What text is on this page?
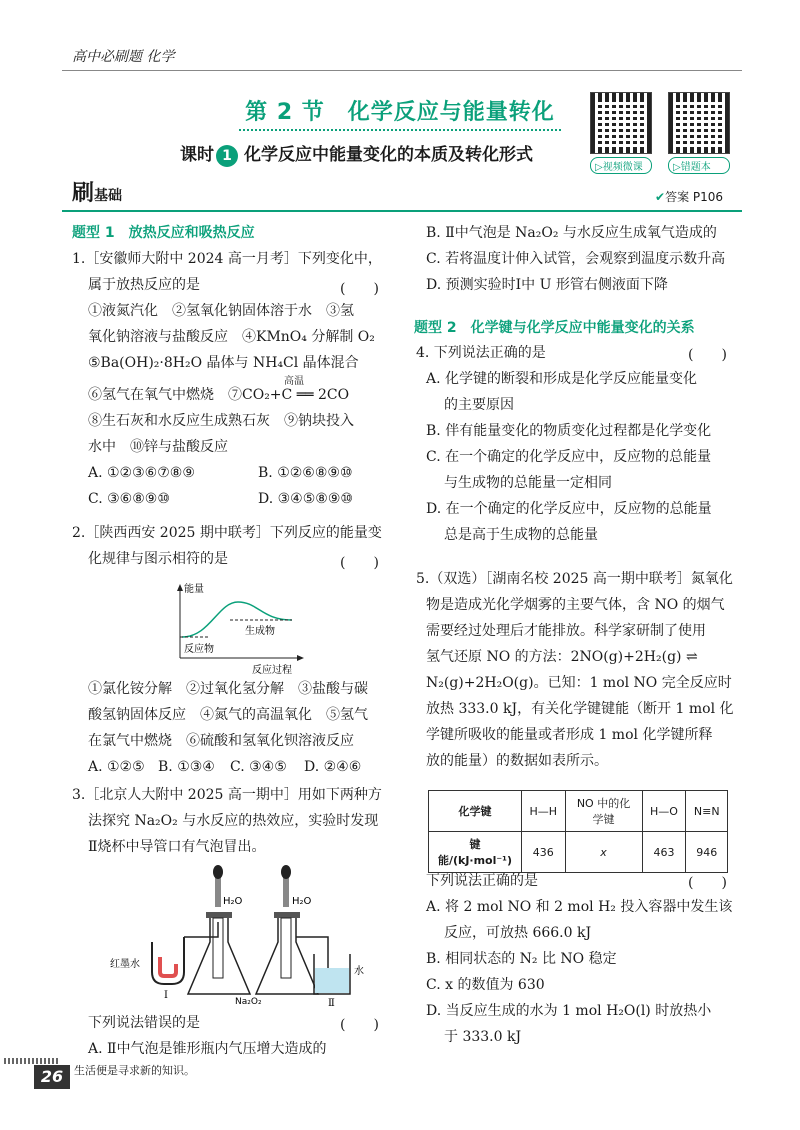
高中必刷题 化学
第 2 节　化学反应与能量转化
课时 1 化学反应中能量变化的本质及转化形式
▷视频微课	▷错题本
刷基础	✔答案 P106
题型 1　放热反应和吸热反应
1.［安徽师大附中 2024 高一月考］下列变化中，
属于放热反应的是
①液氮汽化　②氢氧化钠固体溶于水　③氢
氧化钠溶液与盐酸反应　④KMnO₄ 分解制 O₂
⑤Ba(OH)₂·8H₂O 晶体与 NH₄Cl 晶体混合
⑥氢气在氧气中燃烧　⑦CO₂+C ══ 2CO
高温
⑧生石灰和水反应生成熟石灰　⑨钠块投入
水中　⑩锌与盐酸反应
A. ①②③⑥⑦⑧⑨	B. ①②⑥⑧⑨⑩
C. ③⑥⑧⑨⑩	D. ③④⑤⑧⑨⑩
(　　)
2.［陕西西安 2025 期中联考］下列反应的能量变
化规律与图示相符的是	(　　)
能量
生成物
反应物
反应过程
①氯化铵分解　②过氧化氢分解　③盐酸与碳
酸氢钠固体反应　④氮气的高温氧化　⑤氢气
在氯气中燃烧　⑥硫酸和氢氧化钡溶液反应
A. ①②⑤ B. ①③④ C. ③④⑤ D. ②④⑥
3.［北京人大附中 2025 高一期中］用如下两种方
法探究 Na₂O₂ 与水反应的热效应，实验时发现
Ⅱ烧杯中导管口有气泡冒出。
H₂O	H₂O
红墨水
水
Na₂O₂
Ⅰ
Ⅱ
下列说法错误的是
A. Ⅱ中气泡是锥形瓶内气压增大造成的
(　　)
B. Ⅱ中气泡是 Na₂O₂ 与水反应生成氧气造成的
C. 若将温度计伸入试管，会观察到温度示数升高
D. 预测实验时Ⅰ中 U 形管右侧液面下降
题型 2　化学键与化学反应中能量变化的关系
4. 下列说法正确的是
A. 化学键的断裂和形成是化学反应能量变化
的主要原因
B. 伴有能量变化的物质变化过程都是化学变化
C. 在一个确定的化学反应中，反应物的总能量
与生成物的总能量一定相同
D. 在一个确定的化学反应中，反应物的总能量
总是高于生成物的总能量
(　　)
5.（双选）［湖南名校 2025 高一期中联考］氮氧化
物是造成光化学烟雾的主要气体，含 NO 的烟气
需要经过处理后才能排放。科学家研制了使用
氢气还原 NO 的方法：2NO(g)+2H₂(g) ⇌
N₂(g)+2H₂O(g)。已知：1 mol NO 完全反应时
放热 333.0 kJ，有关化学键键能（断开 1 mol 化
学键所吸收的能量或者形成 1 mol 化学键所释
放的能量）的数据如表所示。
化学键	H—H	NO 中的化学键	H—O	N≡N
键能/(kJ·mol⁻¹)	436	x	463	946
下列说法正确的是
A. 将 2 mol NO 和 2 mol H₂ 投入容器中发生该
反应，可放热 666.0 kJ
B. 相同状态的 N₂ 比 NO 稳定
C. x 的数值为 630
D. 当反应生成的水为 1 mol H₂O(l) 时放热小
于 333.0 kJ
(　　)
26 生活便是寻求新的知识。
